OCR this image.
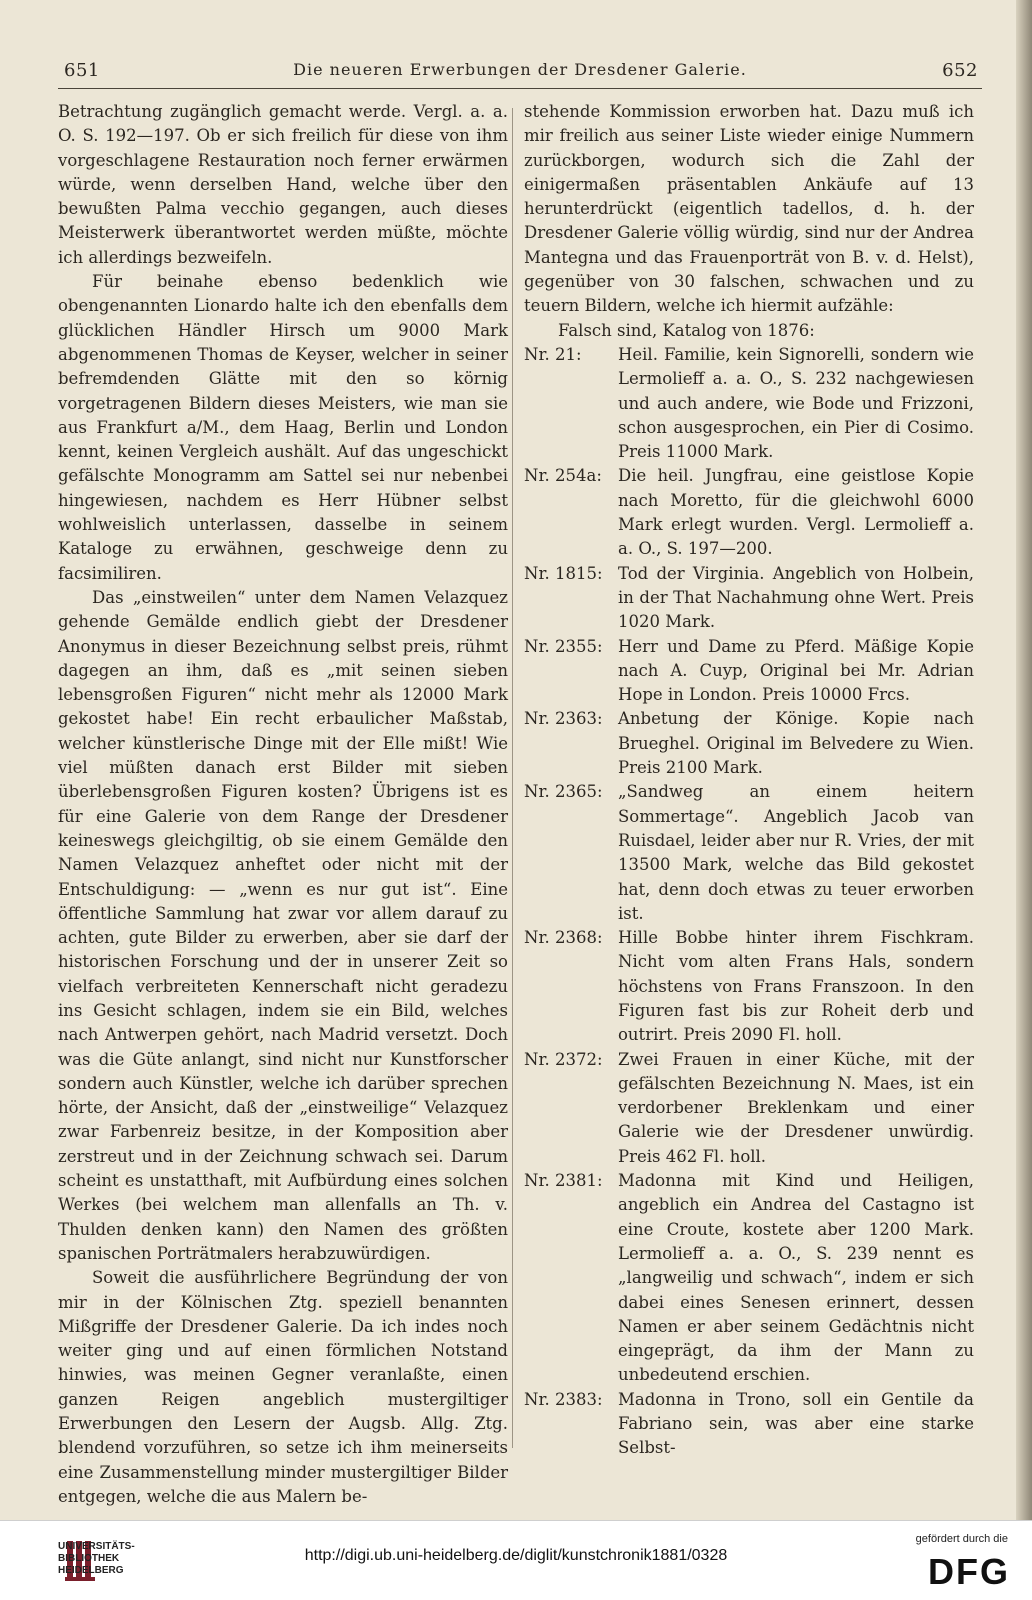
651	Die neueren Erwerbungen der Dresdener Galerie.	652

Betrachtung zugänglich gemacht werde. Vergl. a. a. O. S. 192—197. Ob er sich freilich für diese von ihm vorgeschlagene Restauration noch ferner erwärmen würde, wenn derselben Hand, welche über den bewußten Palma vecchio gegangen, auch dieses Meisterwerk überantwortet werden müßte, möchte ich allerdings bezweifeln.

Für beinahe ebenso bedenklich wie obengenannten Lionardo halte ich den ebenfalls dem glücklichen Händler Hirsch um 9000 Mark abgenommenen Thomas de Keyser, welcher in seiner befremdenden Glätte mit den so körnig vorgetragenen Bildern dieses Meisters, wie man sie aus Frankfurt a/M., dem Haag, Berlin und London kennt, keinen Vergleich aushält. Auf das ungeschickt gefälschte Monogramm am Sattel sei nur nebenbei hingewiesen, nachdem es Herr Hübner selbst wohlweislich unterlassen, dasselbe in seinem Kataloge zu erwähnen, geschweige denn zu facsimiliren.

Das „einstweilen“ unter dem Namen Velazquez gehende Gemälde endlich giebt der Dresdener Anonymus in dieser Bezeichnung selbst preis, rühmt dagegen an ihm, daß es „mit seinen sieben lebensgroßen Figuren“ nicht mehr als 12000 Mark gekostet habe! Ein recht erbaulicher Maßstab, welcher künstlerische Dinge mit der Elle mißt! Wie viel müßten danach erst Bilder mit sieben überlebensgroßen Figuren kosten? Übrigens ist es für eine Galerie von dem Range der Dresdener keineswegs gleichgiltig, ob sie einem Gemälde den Namen Velazquez anheftet oder nicht mit der Entschuldigung: — „wenn es nur gut ist“. Eine öffentliche Sammlung hat zwar vor allem darauf zu achten, gute Bilder zu erwerben, aber sie darf der historischen Forschung und der in unserer Zeit so vielfach verbreiteten Kennerschaft nicht geradezu ins Gesicht schlagen, indem sie ein Bild, welches nach Antwerpen gehört, nach Madrid versetzt. Doch was die Güte anlangt, sind nicht nur Kunstforscher sondern auch Künstler, welche ich darüber sprechen hörte, der Ansicht, daß der „einstweilige“ Velazquez zwar Farbenreiz besitze, in der Komposition aber zerstreut und in der Zeichnung schwach sei. Darum scheint es unstatthaft, mit Aufbürdung eines solchen Werkes (bei welchem man allenfalls an Th. v. Thulden denken kann) den Namen des größten spanischen Porträtmalers herabzuwürdigen.

Soweit die ausführlichere Begründung der von mir in der Kölnischen Ztg. speziell benannten Mißgriffe der Dresdener Galerie. Da ich indes noch weiter ging und auf einen förmlichen Notstand hinwies, was meinen Gegner veranlaßte, einen ganzen Reigen angeblich mustergiltiger Erwerbungen den Lesern der Augsb. Allg. Ztg. blendend vorzuführen, so setze ich ihm meinerseits eine Zusammenstellung minder mustergiltiger Bilder entgegen, welche die aus Malern be-

stehende Kommission erworben hat. Dazu muß ich mir freilich aus seiner Liste wieder einige Nummern zurückborgen, wodurch sich die Zahl der einigermaßen präsentablen Ankäufe auf 13 herunterdrückt (eigentlich tadellos, d. h. der Dresdener Galerie völlig würdig, sind nur der Andrea Mantegna und das Frauenporträt von B. v. d. Helst), gegenüber von 30 falschen, schwachen und zu teuern Bildern, welche ich hiermit aufzähle:

Falsch sind, Katalog von 1876:

Nr. 21:	Heil. Familie, kein Signorelli, sondern wie Lermolieff a. a. O., S. 232 nachgewiesen und auch andere, wie Bode und Frizzoni, schon ausgesprochen, ein Pier di Cosimo. Preis 11000 Mark.
Nr. 254a: Die heil. Jungfrau, eine geistlose Kopie nach Moretto, für die gleichwohl 6000 Mark erlegt wurden. Vergl. Lermolieff a. a. O., S. 197—200.
Nr. 1815: Tod der Virginia. Angeblich von Holbein, in der That Nachahmung ohne Wert. Preis 1020 Mark.
Nr. 2355: Herr und Dame zu Pferd. Mäßige Kopie nach A. Cuyp, Original bei Mr. Adrian Hope in London. Preis 10000 Frcs.
Nr. 2363: Anbetung der Könige. Kopie nach Brueghel. Original im Belvedere zu Wien. Preis 2100 Mark.
Nr. 2365: „Sandweg an einem heitern Sommertage“. Angeblich Jacob van Ruisdael, leider aber nur R. Vries, der mit 13500 Mark, welche das Bild gekostet hat, denn doch etwas zu teuer erworben ist.
Nr. 2368: Hille Bobbe hinter ihrem Fischkram. Nicht vom alten Frans Hals, sondern höchstens von Frans Franszoon. In den Figuren fast bis zur Roheit derb und outrirt. Preis 2090 Fl. holl.
Nr. 2372: Zwei Frauen in einer Küche, mit der gefälschten Bezeichnung N. Maes, ist ein verdorbener Breklenkam und einer Galerie wie der Dresdener unwürdig. Preis 462 Fl. holl.
Nr. 2381: Madonna mit Kind und Heiligen, angeblich ein Andrea del Castagno ist eine Croute, kostete aber 1200 Mark. Lermolieff a. a. O., S. 239 nennt es „langweilig und schwach“, indem er sich dabei eines Senesen erinnert, dessen Namen er aber seinem Gedächtnis nicht eingeprägt, da ihm der Mann zu unbedeutend erschien.
Nr. 2383: Madonna in Trono, soll ein Gentile da Fabriano sein, was aber eine starke Selbst-
UNIVERSITÄTS-
BIBLIOTHEK
HEIDELBERG
http://digi.ub.uni-heidelberg.de/diglit/kunstchronik1881/0328
gefördert durch die
DFG
